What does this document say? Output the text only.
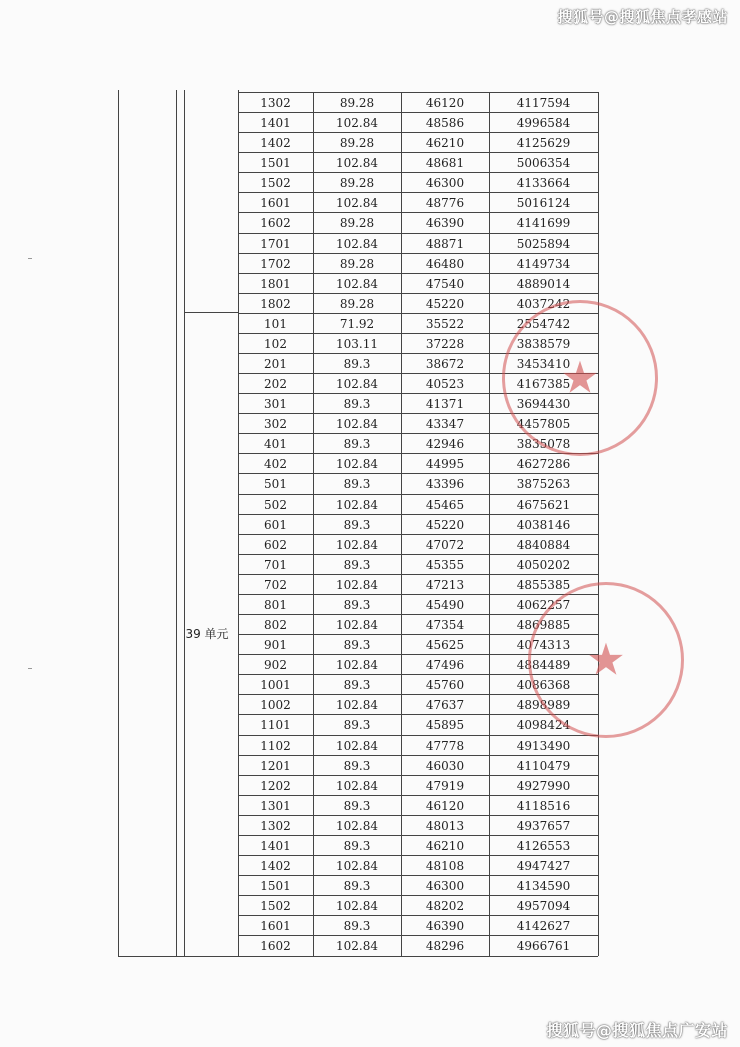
搜狐号@搜狐焦点孝感站
搜狐号@搜狐焦点广安站
39 单元
1302	89.28	46120	4117594
1401	102.84	48586	4996584
1402	89.28	46210	4125629
1501	102.84	48681	5006354
1502	89.28	46300	4133664
1601	102.84	48776	5016124
1602	89.28	46390	4141699
1701	102.84	48871	5025894
1702	89.28	46480	4149734
1801	102.84	47540	4889014
1802	89.28	45220	4037242
101	71.92	35522	2554742
102	103.11	37228	3838579
201	89.3	38672	3453410
202	102.84	40523	4167385
301	89.3	41371	3694430
302	102.84	43347	4457805
401	89.3	42946	3835078
402	102.84	44995	4627286
501	89.3	43396	3875263
502	102.84	45465	4675621
601	89.3	45220	4038146
602	102.84	47072	4840884
701	89.3	45355	4050202
702	102.84	47213	4855385
801	89.3	45490	4062257
802	102.84	47354	4869885
901	89.3	45625	4074313
902	102.84	47496	4884489
1001	89.3	45760	4086368
1002	102.84	47637	4898989
1101	89.3	45895	4098424
1102	102.84	47778	4913490
1201	89.3	46030	4110479
1202	102.84	47919	4927990
1301	89.3	46120	4118516
1302	102.84	48013	4937657
1401	89.3	46210	4126553
1402	102.84	48108	4947427
1501	89.3	46300	4134590
1502	102.84	48202	4957094
1601	89.3	46390	4142627
1602	102.84	48296	4966761
★
★
